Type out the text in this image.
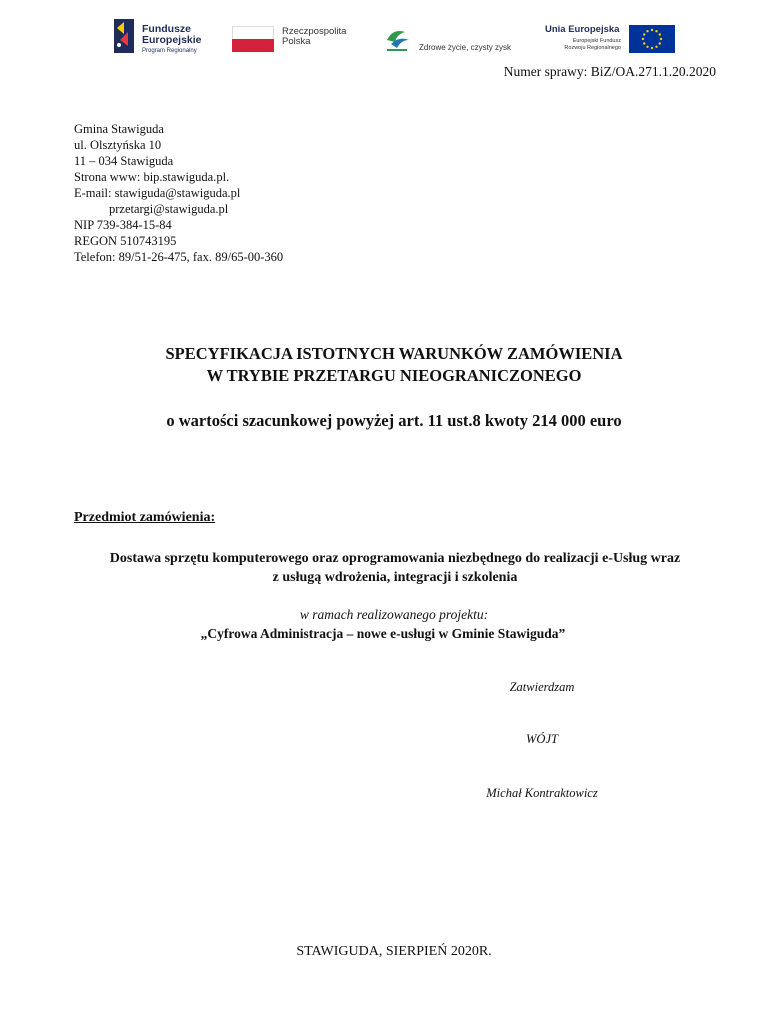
Fundusze
Europejskie
Program Regionalny
Rzeczpospolita
Polska
Zdrowe życie, czysty zysk
Unia Europejska
Europejski Fundusz
Rozwoju Regionalnego
Numer sprawy: BiZ/OA.271.1.20.2020
Gmina Stawiguda
ul. Olsztyńska 10
11 – 034 Stawiguda
Strona www: bip.stawiguda.pl.
E-mail: stawiguda@stawiguda.pl
przetargi@stawiguda.pl
NIP 739-384-15-84
REGON 510743195
Telefon: 89/51-26-475, fax. 89/65-00-360
SPECYFIKACJA ISTOTNYCH WARUNKÓW ZAMÓWIENIA
W TRYBIE PRZETARGU NIEOGRANICZONEGO
o wartości szacunkowej powyżej art. 11 ust.8 kwoty 214 000 euro
Przedmiot zamówienia:
Dostawa sprzętu komputerowego oraz oprogramowania niezbędnego do realizacji e-Usług wraz
z usługą wdrożenia, integracji i szkolenia
w ramach realizowanego projektu:
„Cyfrowa Administracja – nowe e-usługi w Gminie Stawiguda”
Zatwierdzam
WÓJT
Michał Kontraktowicz
STAWIGUDA, SIERPIEŃ 2020R.
